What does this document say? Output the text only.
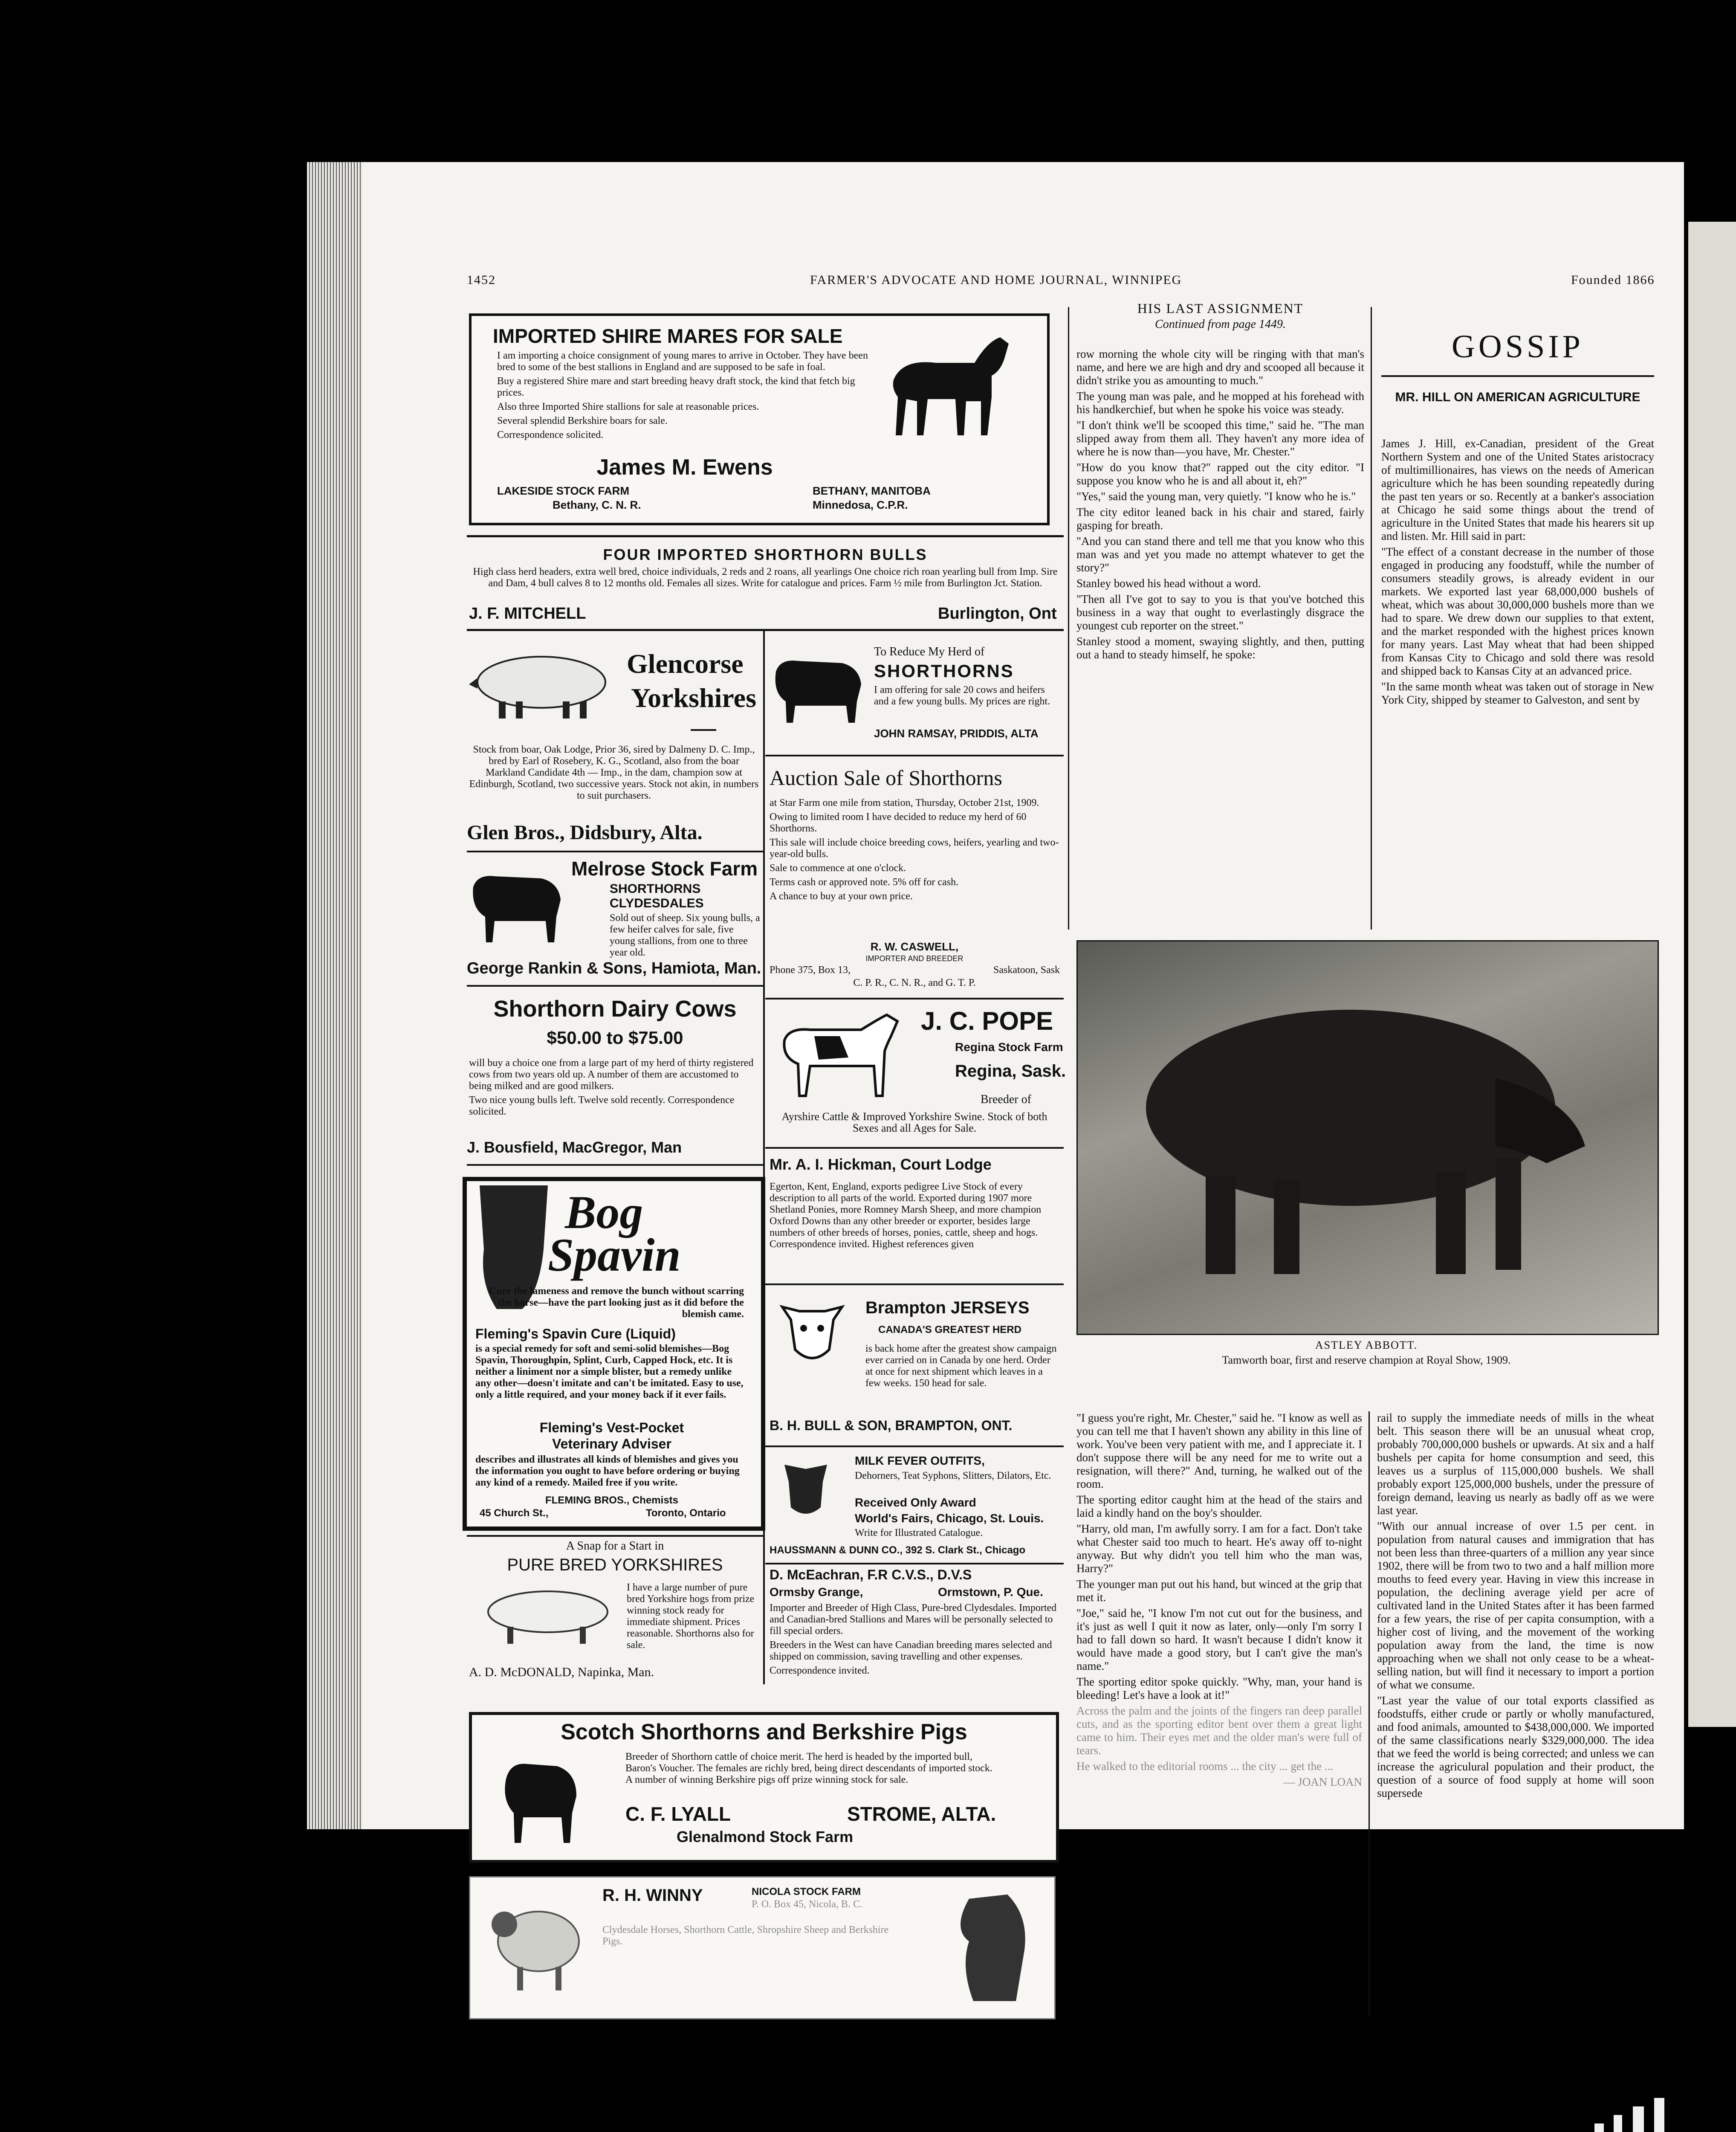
1452	FARMER'S ADVOCATE AND HOME JOURNAL, WINNIPEG	Founded 1866
IMPORTED SHIRE MARES FOR SALE

I am importing a choice consignment of young mares to arrive in October. They have been bred to some of the best stallions in England and are supposed to be safe in foal.

Buy a registered Shire mare and start breeding heavy draft stock, the kind that fetch big prices.

Also three Imported Shire stallions for sale at reasonable prices.

Several splendid Berkshire boars for sale.

Correspondence solicited.

James M. Ewens
LAKESIDE STOCK FARM	BETHANY, MANITOBA
Bethany, C. N. R.	Minnedosa, C.P.R.
FOUR IMPORTED SHORTHORN BULLS
High class herd headers, extra well bred, choice individuals, 2 reds and 2 roans, all yearlings One choice rich roan yearling bull from Imp. Sire and Dam, 4 bull calves 8 to 12 months old. Females all sizes. Write for catalogue and prices. Farm ½ mile from Burlington Jct. Station.
J. F. MITCHELL	Burlington, Ont
Glencorse
Yorkshires
Stock from boar, Oak Lodge, Prior 36, sired by Dalmeny D. C. Imp., bred by Earl of Rosebery, K. G., Scotland, also from the boar Markland Candidate 4th — Imp., in the dam, champion sow at Edinburgh, Scotland, two successive years. Stock not akin, in numbers to suit purchasers.
Glen Bros., Didsbury, Alta.
Melrose Stock Farm
SHORTHORNS
CLYDESDALES
Sold out of sheep. Six young bulls, a few heifer calves for sale, five young stallions, from one to three year old.
George Rankin & Sons, Hamiota, Man.
Shorthorn Dairy Cows
$50.00 to $75.00

will buy a choice one from a large part of my herd of thirty registered cows from two years old up. A number of them are accustomed to being milked and are good milkers.

Two nice young bulls left. Twelve sold recently. Correspondence solicited.

J. Bousfield, MacGregor, Man
Bog
Spavin
Cure the lameness and remove the bunch without scarring the horse—have the part looking just as it did before the blemish came.
Fleming's Spavin Cure (Liquid)
is a special remedy for soft and semi-solid blemishes—Bog Spavin, Thoroughpin, Splint, Curb, Capped Hock, etc. It is neither a liniment nor a simple blister, but a remedy unlike any other—doesn't imitate and can't be imitated. Easy to use, only a little required, and your money back if it ever fails.
Fleming's Vest-Pocket
Veterinary Adviser
describes and illustrates all kinds of blemishes and gives you the information you ought to have before ordering or buying any kind of a remedy. Mailed free if you write.
FLEMING BROS., Chemists
45 Church St.,	Toronto, Ontario
A Snap for a Start in
PURE BRED YORKSHIRES
I have a large number of pure bred Yorkshire hogs from prize winning stock ready for immediate shipment. Prices reasonable. Shorthorns also for sale.
A. D. McDONALD, Napinka, Man.
To Reduce My Herd of
SHORTHORNS
I am offering for sale 20 cows and heifers and a few young bulls. My prices are right.
JOHN RAMSAY, PRIDDIS, ALTA
Auction Sale of Shorthorns

at Star Farm one mile from station, Thursday, October 21st, 1909.

Owing to limited room I have decided to reduce my herd of 60 Shorthorns.

This sale will include choice breeding cows, heifers, yearling and two-year-old bulls.

Sale to commence at one o'clock.

Terms cash or approved note. 5% off for cash.

A chance to buy at your own price.

R. W. CASWELL,
IMPORTER AND BREEDER
Phone 375, Box 13,	Saskatoon, Sask
C. P. R., C. N. R., and G. T. P.
J. C. POPE
Regina Stock Farm
Regina, Sask.
Breeder of
Ayrshire Cattle & Improved Yorkshire Swine. Stock of both Sexes and all Ages for Sale.
Mr. A. I. Hickman, Court Lodge
Egerton, Kent, England, exports pedigree Live Stock of every description to all parts of the world. Exported during 1907 more Shetland Ponies, more Romney Marsh Sheep, and more champion Oxford Downs than any other breeder or exporter, besides large numbers of other breeds of horses, ponies, cattle, sheep and hogs. Correspondence invited. Highest references given
Brampton JERSEYS
CANADA'S GREATEST HERD
is back home after the greatest show campaign ever carried on in Canada by one herd. Order at once for next shipment which leaves in a few weeks. 150 head for sale.
B. H. BULL & SON, BRAMPTON, ONT.
MILK FEVER OUTFITS,
Dehorners, Teat Syphons, Slitters, Dilators, Etc.
Received Only Award
World's Fairs, Chicago, St. Louis.
Write for Illustrated Catalogue.
HAUSSMANN & DUNN CO., 392 S. Clark St., Chicago
D. McEachran, F.R C.V.S., D.V.S
Ormsby Grange,	Ormstown, P. Que.

Importer and Breeder of High Class, Pure-bred Clydesdales. Imported and Canadian-bred Stallions and Mares will be personally selected to fill special orders.

Breeders in the West can have Canadian breeding mares selected and shipped on commission, saving travelling and other expenses.

Correspondence invited.

Scotch Shorthorns and Berkshire Pigs
Breeder of Shorthorn cattle of choice merit. The herd is headed by the imported bull, Baron's Voucher. The females are richly bred, being direct descendants of imported stock. A number of winning Berkshire pigs off prize winning stock for sale.
C. F. LYALL	STROME, ALTA.
Glenalmond Stock Farm
R. H. WINNY	NICOLA STOCK FARM
P. O. Box 45, Nicola, B. C.
Clydesdale Horses, Shorthorn Cattle, Shropshire Sheep and Berkshire Pigs.
HIS LAST ASSIGNMENT
Continued from page 1449.

row morning the whole city will be ringing with that man's name, and here we are high and dry and scooped all because it didn't strike you as amounting to much."

The young man was pale, and he mopped at his forehead with his handkerchief, but when he spoke his voice was steady.

"I don't think we'll be scooped this time," said he. "The man slipped away from them all. They haven't any more idea of where he is now than—you have, Mr. Chester."

"How do you know that?" rapped out the city editor. "I suppose you know who he is and all about it, eh?"

"Yes," said the young man, very quietly. "I know who he is."

The city editor leaned back in his chair and stared, fairly gasping for breath.

"And you can stand there and tell me that you know who this man was and yet you made no attempt whatever to get the story?"

Stanley bowed his head without a word.

"Then all I've got to say to you is that you've botched this business in a way that ought to everlastingly disgrace the youngest cub reporter on the street."

Stanley stood a moment, swaying slightly, and then, putting out a hand to steady himself, he spoke:

ASTLEY ABBOTT.
Tamworth boar, first and reserve champion at Royal Show, 1909.

"I guess you're right, Mr. Chester," said he. "I know as well as you can tell me that I haven't shown any ability in this line of work. You've been very patient with me, and I appreciate it. I don't suppose there will be any need for me to write out a resignation, will there?" And, turning, he walked out of the room.

The sporting editor caught him at the head of the stairs and laid a kindly hand on the boy's shoulder.

"Harry, old man, I'm awfully sorry. I am for a fact. Don't take what Chester said too much to heart. He's away off to-night anyway. But why didn't you tell him who the man was, Harry?"

The younger man put out his hand, but winced at the grip that met it.

"Joe," said he, "I know I'm not cut out for the business, and it's just as well I quit it now as later, only—only I'm sorry I had to fall down so hard. It wasn't because I didn't know it would have made a good story, but I can't give the man's name."

The sporting editor spoke quickly. "Why, man, your hand is bleeding! Let's have a look at it!"

Across the palm and the joints of the fingers ran deep parallel cuts, and as the sporting editor bent over them a great light came to him. Their eyes met and the older man's were full of tears.

He walked to the editorial rooms ... the city ... get the ...

— JOAN LOAN

GOSSIP
MR. HILL ON AMERICAN AGRICULTURE

James J. Hill, ex-Canadian, president of the Great Northern System and one of the United States aristocracy of multimillionaires, has views on the needs of American agriculture which he has been sounding repeatedly during the past ten years or so. Recently at a banker's association at Chicago he said some things about the trend of agriculture in the United States that made his hearers sit up and listen. Mr. Hill said in part:

"The effect of a constant decrease in the number of those engaged in producing any foodstuff, while the number of consumers steadily grows, is already evident in our markets. We exported last year 68,000,000 bushels of wheat, which was about 30,000,000 bushels more than we had to spare. We drew down our supplies to that extent, and the market responded with the highest prices known for many years. Last May wheat that had been shipped from Kansas City to Chicago and sold there was resold and shipped back to Kansas City at an advanced price.

"In the same month wheat was taken out of storage in New York City, shipped by steamer to Galveston, and sent by

rail to supply the immediate needs of mills in the wheat belt. This season there will be an unusual wheat crop, probably 700,000,000 bushels or upwards. At six and a half bushels per capita for home consumption and seed, this leaves us a surplus of 115,000,000 bushels. We shall probably export 125,000,000 bushels, under the pressure of foreign demand, leaving us nearly as badly off as we were last year.

"With our annual increase of over 1.5 per cent. in population from natural causes and immigration that has not been less than three-quarters of a million any year since 1902, there will be from two to two and a half million more mouths to feed every year. Having in view this increase in population, the declining average yield per acre of cultivated land in the United States after it has been farmed for a few years, the rise of per capita consumption, with a higher cost of living, and the movement of the working population away from the land, the time is now approaching when we shall not only cease to be a wheat-selling nation, but will find it necessary to import a portion of what we consume.

"Last year the value of our total exports classified as foodstuffs, either crude or partly or wholly manufactured, and food animals, amounted to $438,000,000. We imported of the same classifications nearly $329,000,000. The idea that we feed the world is being corrected; and unless we can increase the agriculural population and their product, the question of a source of food supply at home will soon supersede
